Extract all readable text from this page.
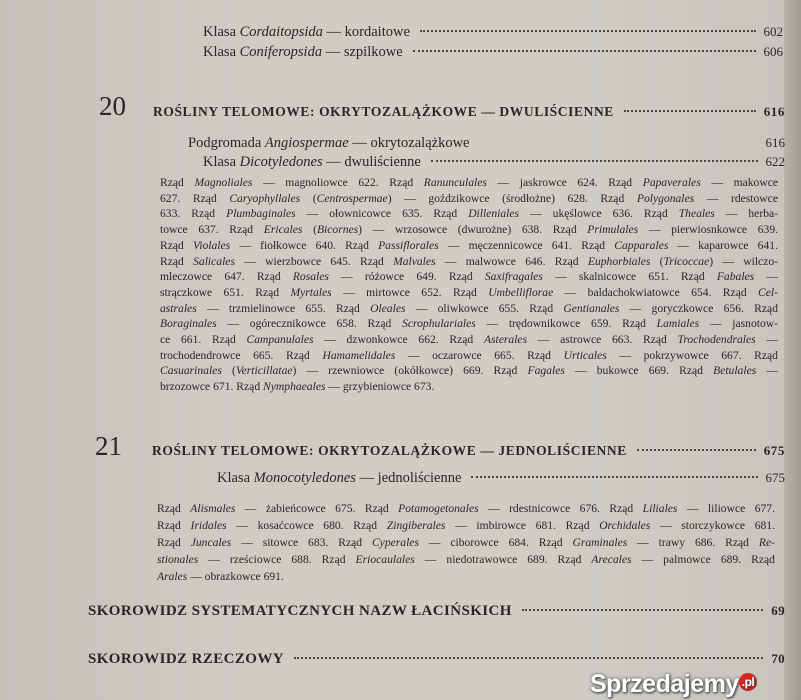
Klasa Cordaitopsida — kordaitowe	602
Klasa Coniferopsida — szpilkowe	606
20 ROŚLINY TELOMOWE: OKRYTOZALĄŻKOWE — DWULIŚCIENNE	616
Podgromada Angiospermae — okrytozalążkowe	616
Klasa Dicotyledones — dwuliścienne	622
Rząd Magnoliales — magnoliowce 622. Rząd Ranunculales — jaskrowce 624. Rząd Papaverales — makowce
627. Rząd Caryophyllales (Centrospermae) — goździkowce (środłożne) 628. Rząd Polygonales — rdestowce
633. Rząd Plumbaginales — ołownicowce 635. Rząd Dilleniales — ukęślowce 636. Rząd Theales — herba-
towce 637. Rząd Ericales (Bicornes) — wrzosowce (dwurożne) 638. Rząd Primulales — pierwiosnkowce 639.
Rząd Violales — fiołkowce 640. Rząd Passiflorales — męczennicowce 641. Rząd Capparales — kaparowce 641.
Rząd Salicales — wierzbowce 645. Rząd Malvales — malwowce 646. Rząd Euphorbiales (Tricoccae) — wilczo-
mleczowce 647. Rząd Rosales — różowce 649. Rząd Saxifragales — skalnicowce 651. Rząd Fabales —
strączkowe 651. Rząd Myrtales — mirtowce 652. Rząd Umbelliflorae — baldachokwiatowce 654. Rząd Cel-
astrales — trzmielinowce 655. Rząd Oleales — oliwkowce 655. Rząd Gentianales — goryczkowce 656. Rząd
Boraginales — ogórecznikowce 658. Rząd Scrophulariales — trędownikowce 659. Rząd Lamiales — jasnotow-
ce 661. Rząd Campanulales — dzwonkowce 662. Rząd Asterales — astrowce 663. Rząd Trochodendrales —
trochodendrowce 665. Rząd Hamamelidales — oczarowce 665. Rząd Urticales — pokrzywowce 667. Rząd
Casuarinales (Verticillatae) — rzewniowce (okółkowce) 669. Rząd Fagales — bukowce 669. Rząd Betulales —
brzozowce 671. Rząd Nymphaeales — grzybieniowce 673.
21 ROŚLINY TELOMOWE: OKRYTOZALĄŻKOWE — JEDNOLIŚCIENNE	675
Klasa Monocotyledones — jednoliścienne	675
Rząd Alismales — żabieńcowce 675. Rząd Potamogetonales — rdestnicowce 676. Rząd Liliales — liliowce 677.
Rząd Iridales — kosaćcowce 680. Rząd Zingiberales — imbirowce 681. Rząd Orchidales — storczykowce 681.
Rząd Juncales — sitowce 683. Rząd Cyperales — ciborowce 684. Rząd Graminales — trawy 686. Rząd Re-
stionales — rześciowce 688. Rząd Eriocaulales — niedotrawowce 689. Rząd Arecales — palmowce 689. Rząd
Arales — obrazkowce 691.
SKOROWIDZ SYSTEMATYCZNYCH NAZW ŁACIŃSKICH	69
SKOROWIDZ RZECZOWY	70
Sprzedajemy $^{.pl}$
